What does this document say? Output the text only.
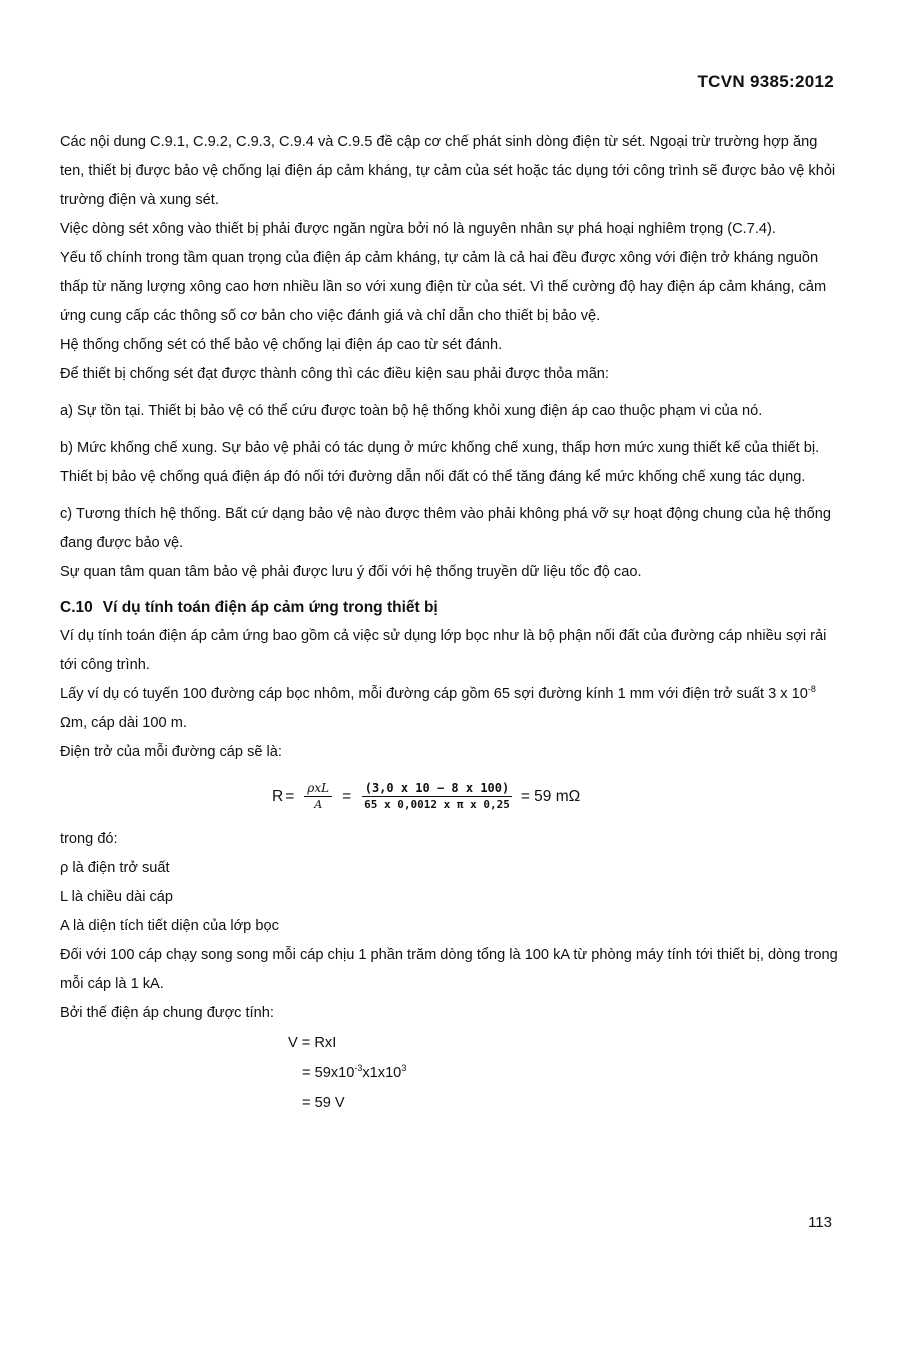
TCVN 9385:2012

Các nội dung C.9.1, C.9.2, C.9.3, C.9.4 và C.9.5 đề cập cơ chế phát sinh dòng điện từ sét. Ngoại trừ trường hợp ăng ten, thiết bị được bảo vệ chống lại điện áp cảm kháng, tự cảm của sét hoặc tác dụng tới công trình sẽ được bảo vệ khỏi trường điện và xung sét.

Việc dòng sét xông vào thiết bị phải được ngăn ngừa bởi nó là nguyên nhân sự phá hoại nghiêm trọng (C.7.4).

Yếu tố chính trong tầm quan trọng của điện áp cảm kháng, tự cảm là cả hai đều được xông với điện trở kháng nguồn thấp từ năng lượng xông cao hơn nhiều lần so với xung điện từ của sét. Vì thế cường độ hay điện áp cảm kháng, cảm ứng cung cấp các thông số cơ bản cho việc đánh giá và chỉ dẫn cho thiết bị bảo vệ.

Hệ thống chống sét có thể bảo vệ chống lại điện áp cao từ sét đánh.

Để thiết bị chống sét đạt được thành công thì các điều kiện sau phải được thỏa mãn:

a) Sự tồn tại. Thiết bị bảo vệ có thể cứu được toàn bộ hệ thống khỏi xung điện áp cao thuộc phạm vi của nó.

b) Mức khống chế xung. Sự bảo vệ phải có tác dụng ở mức khống chế xung, thấp hơn mức xung thiết kế của thiết bị. Thiết bị bảo vệ chống quá điện áp đó nối tới đường dẫn nối đất có thể tăng đáng kể mức khống chế xung tác dụng.

c) Tương thích hệ thống. Bất cứ dạng bảo vệ nào được thêm vào phải không phá vỡ sự hoạt động chung của hệ thống đang được bảo vệ.

Sự quan tâm quan tâm bảo vệ phải được lưu ý đối với hệ thống truyền dữ liệu tốc độ cao.

C.10 Ví dụ tính toán điện áp cảm ứng trong thiết bị

Ví dụ tính toán điện áp cảm ứng bao gồm cả việc sử dụng lớp bọc như là bộ phận nối đất của đường cáp nhiều sợi rải tới công trình.

Lấy ví dụ có tuyến 100 đường cáp bọc nhôm, mỗi đường cáp gồm 65 sợi đường kính 1 mm với điện trở suất 3 x $10^{-8}$ Ωm, cáp dài 100 m.

Điện trở của mỗi đường cáp sẽ là:

$R = \frac{\text{ρxL}}{A} = \frac{(3,0 x 10 - 8 x 100)}{\text{65 x 0,0012 x π x 0,25}} = 59$ mΩ

trong đó:

ρ là điện trở suất

L là chiều dài cáp

A là diện tích tiết diện của lớp bọc

Đối với 100 cáp chạy song song mỗi cáp chịu 1 phần trăm dòng tổng là 100 kA từ phòng máy tính tới thiết bị, dòng trong mỗi cáp là 1 kA.

Bởi thế điện áp chung được tính:

V = RxI
= $59x10^{-3}x1x10^3$
= 59 V
113
